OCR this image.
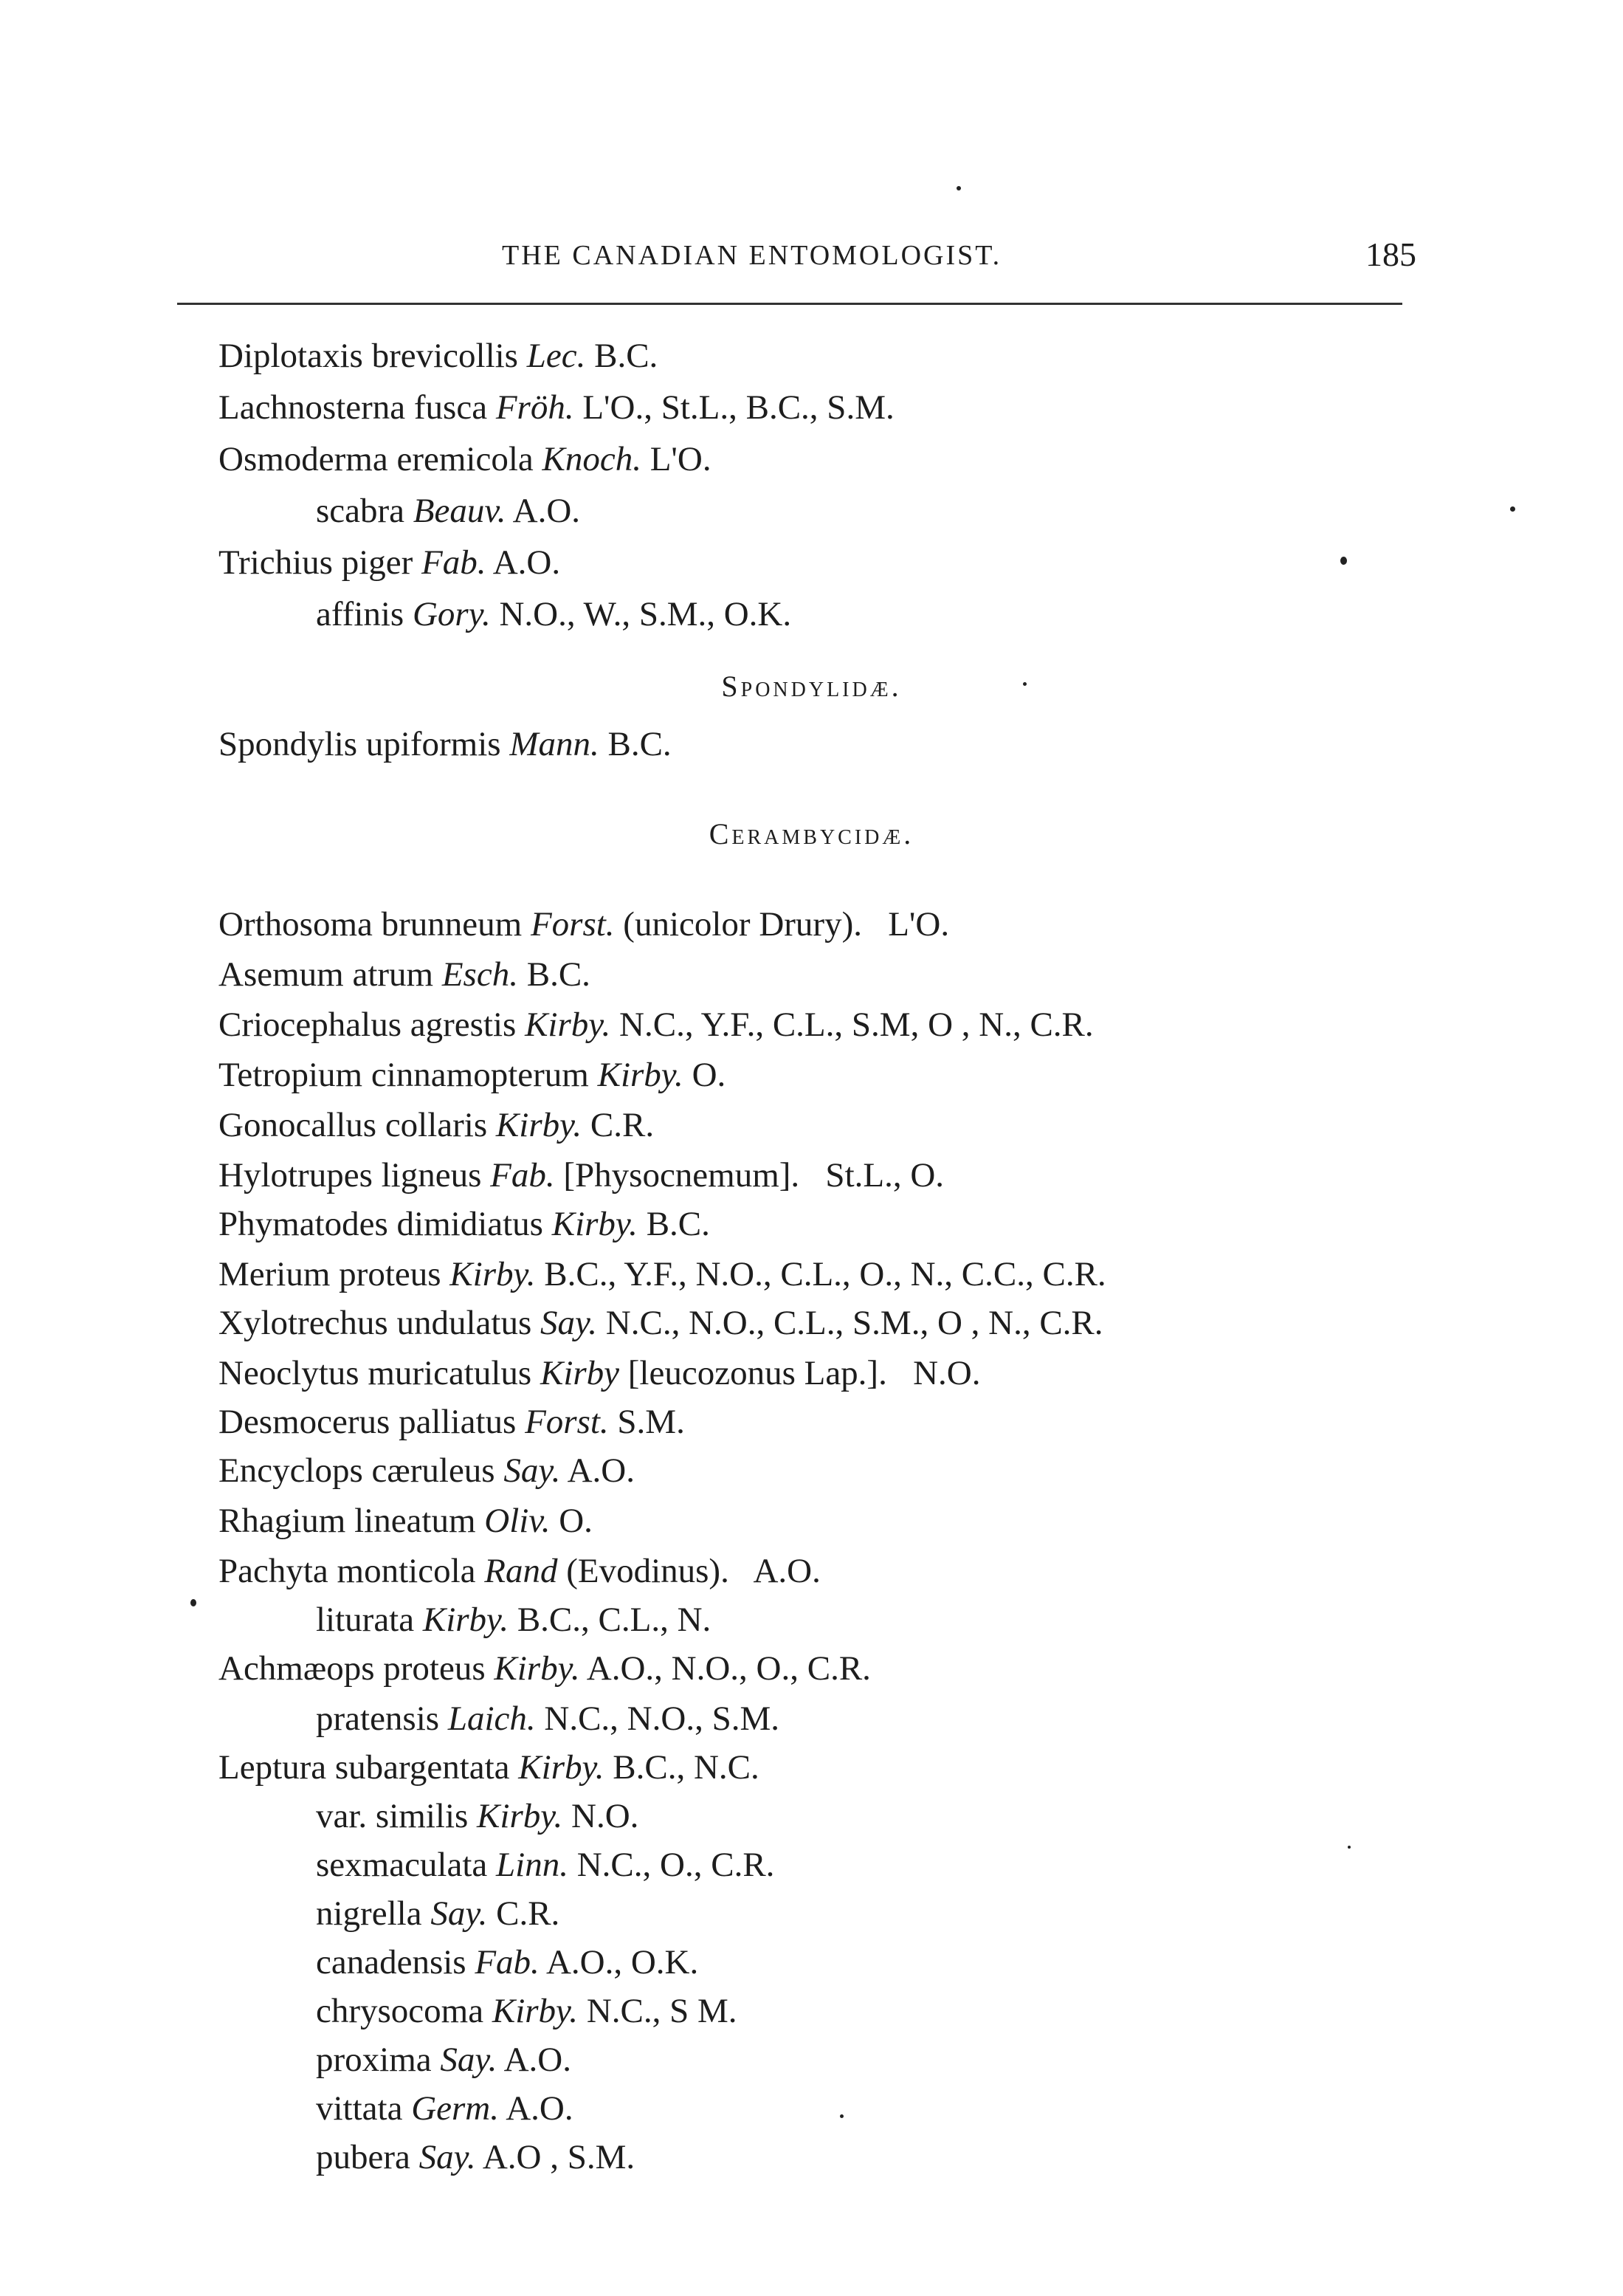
THE CANADIAN ENTOMOLOGIST.	185
Diplotaxis brevicollis Lec. B.C.
Lachnosterna fusca Fröh. L'O., St.L., B.C., S.M.
Osmoderma eremicola Knoch. L'O.
scabra Beauv. A.O.
Trichius piger Fab. A.O.
affinis Gory. N.O., W., S.M., O.K.
Spondylidæ.
Spondylis upiformis Mann. B.C.
Cerambycidæ.
Orthosoma brunneum Forst. (unicolor Drury).   L'O.
Asemum atrum Esch. B.C.
Criocephalus agrestis Kirby. N.C., Y.F., C.L., S.M, O , N., C.R.
Tetropium cinnamopterum Kirby. O.
Gonocallus collaris Kirby. C.R.
Hylotrupes ligneus Fab. [Physocnemum].   St.L., O.
Phymatodes dimidiatus Kirby. B.C.
Merium proteus Kirby. B.C., Y.F., N.O., C.L., O., N., C.C., C.R.
Xylotrechus undulatus Say. N.C., N.O., C.L., S.M., O , N., C.R.
Neoclytus muricatulus Kirby [leucozonus Lap.].   N.O.
Desmocerus palliatus Forst. S.M.
Encyclops cæruleus Say. A.O.
Rhagium lineatum Oliv. O.
Pachyta monticola Rand (Evodinus).   A.O.
liturata Kirby. B.C., C.L., N.
Achmæops proteus Kirby. A.O., N.O., O., C.R.
pratensis Laich. N.C., N.O., S.M.
Leptura subargentata Kirby. B.C., N.C.
var. similis Kirby. N.O.
sexmaculata Linn. N.C., O., C.R.
nigrella Say. C.R.
canadensis Fab. A.O., O.K.
chrysocoma Kirby. N.C., S M.
proxima Say. A.O.
vittata Germ. A.O.
pubera Say. A.O , S.M.
